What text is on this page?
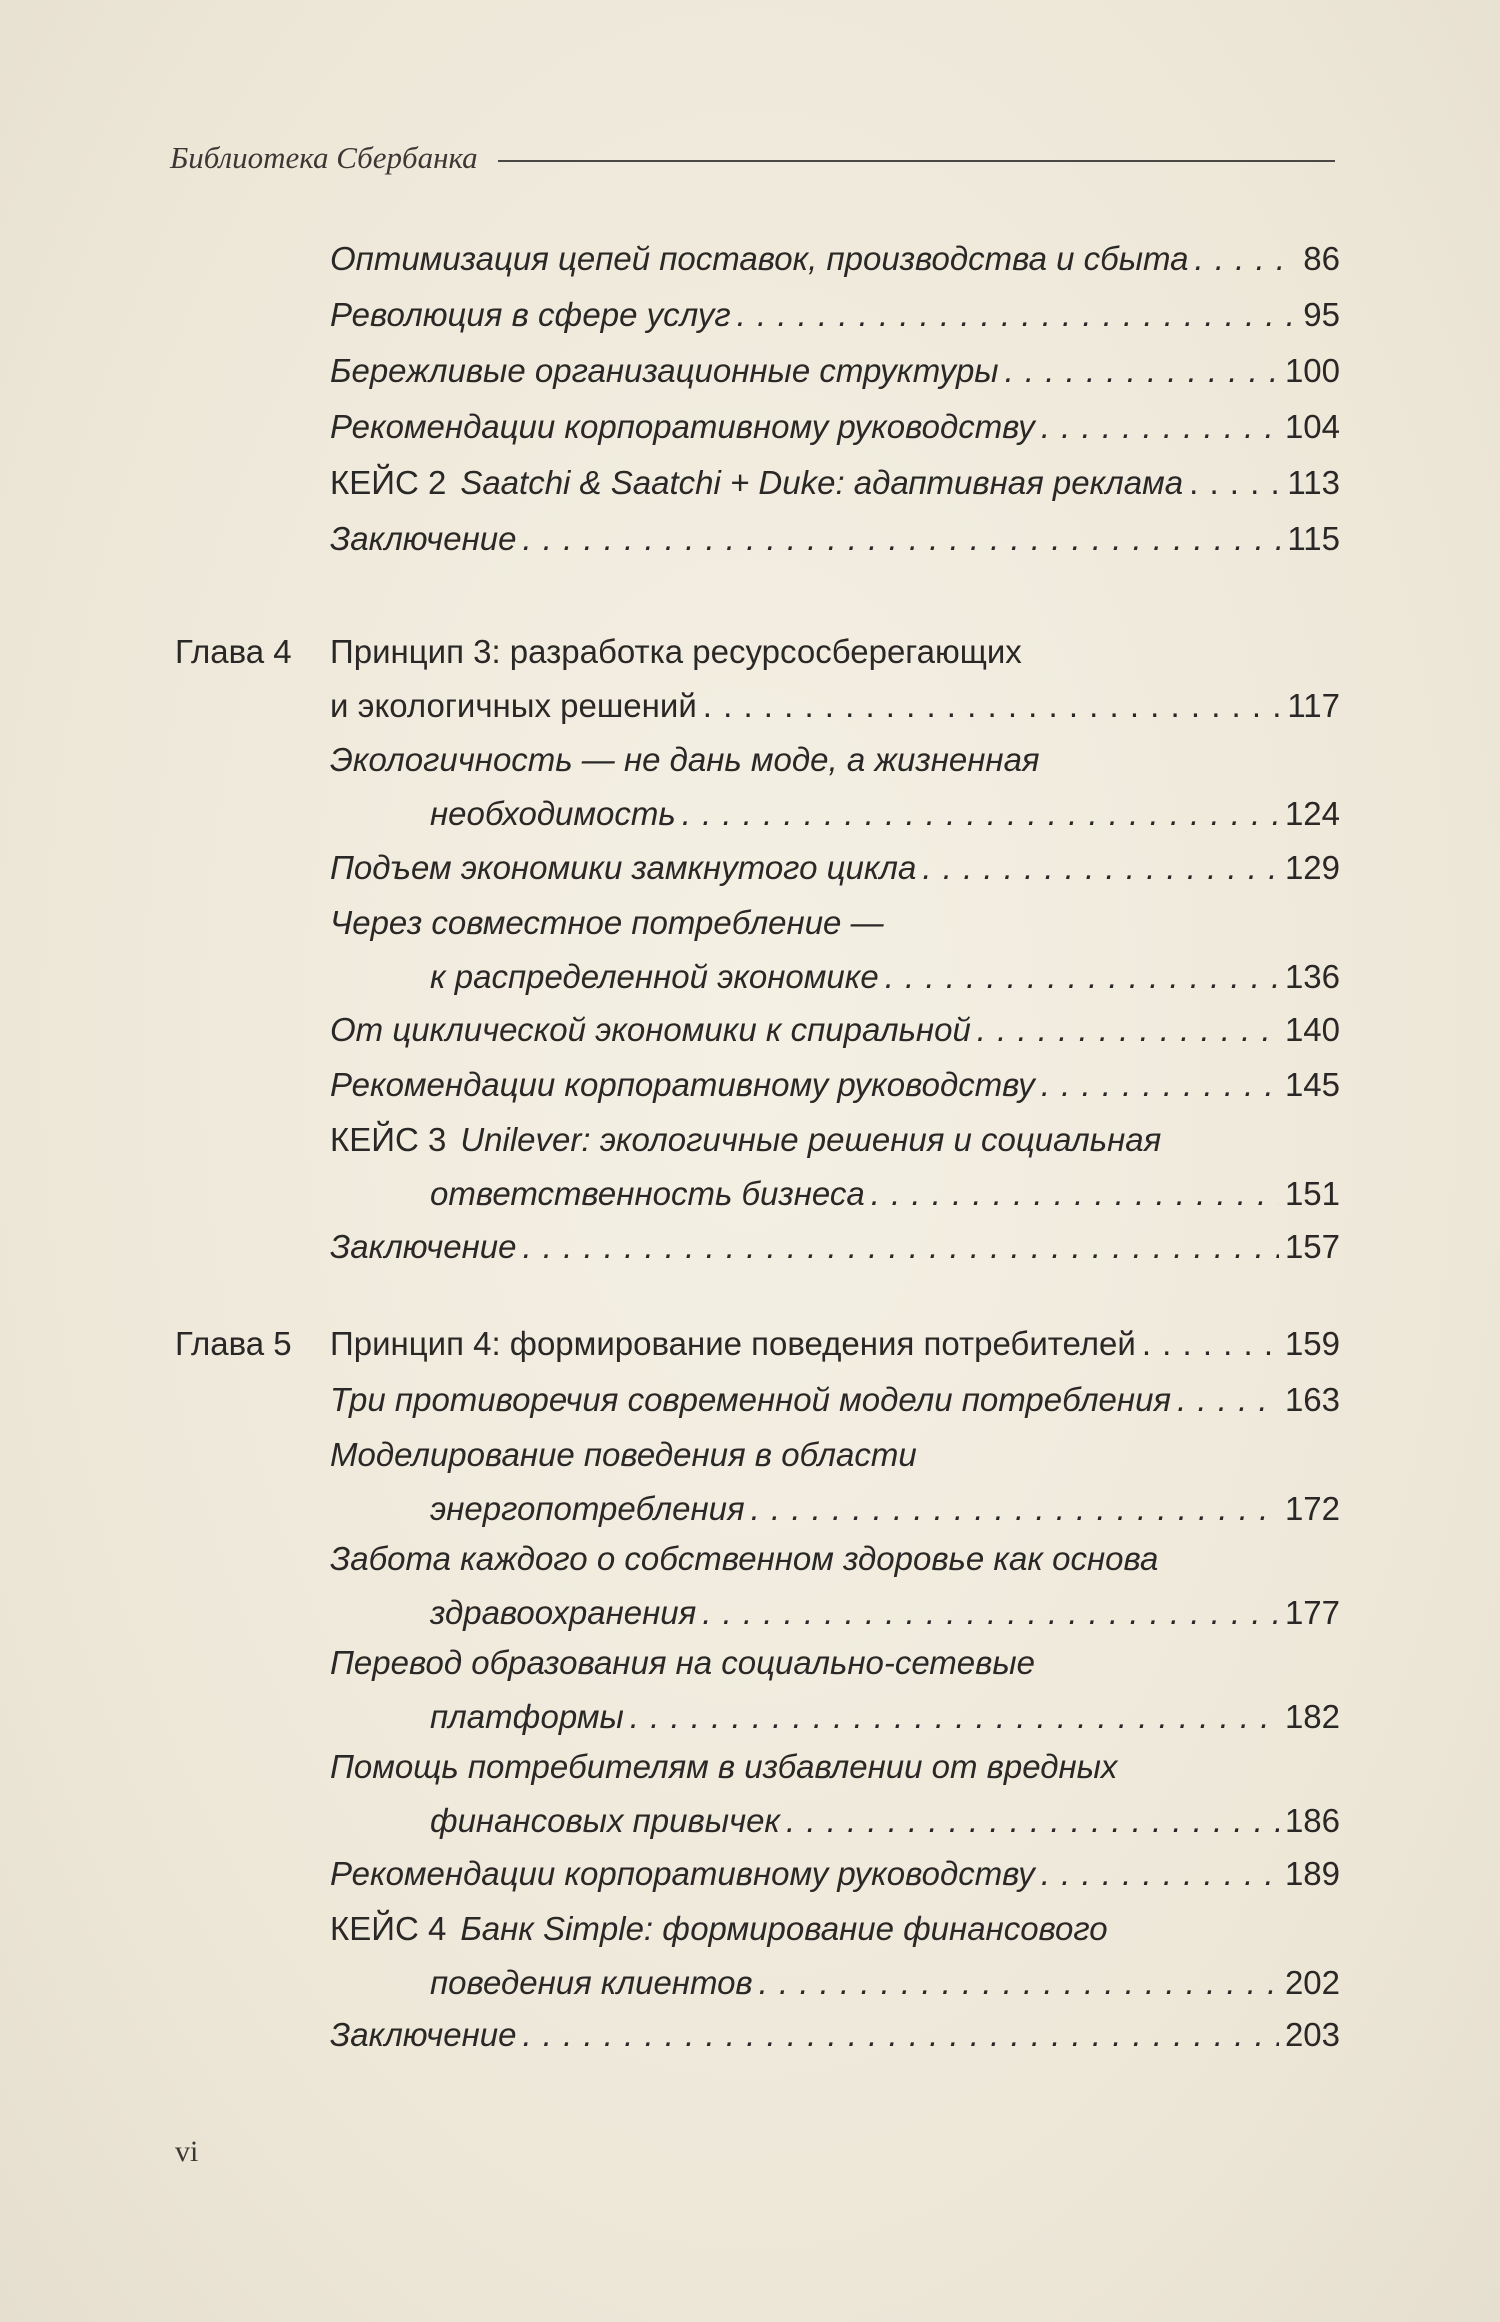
Библиотека Сбербанка
Оптимизация цепей поставок, производства и сбыта . . .	86
Революция в сфере услуг . . .	95
Бережливые организационные структуры . . .	100
Рекомендации корпоративному руководству . . .	104
КЕЙС 2 Saatchi & Saatchi + Duke: адаптивная реклама . . .	113
Заключение . . .	115
Глава 4 Принцип 3: разработка ресурсосберегающих
и экологичных решений . . .	117
Экологичность — не дань моде, а жизненная
необходимость . . .	124
Подъем экономики замкнутого цикла . . .	129
Через совместное потребление —
к распределенной экономике . . .	136
От циклической экономики к спиральной . . .	140
Рекомендации корпоративному руководству . . .	145
КЕЙС 3 Unilever: экологичные решения и социальная
ответственность бизнеса . . .	151
Заключение . . .	157
Глава 5 Принцип 4: формирование поведения потребителей . . .	159
Три противоречия современной модели потребления . . .	163
Моделирование поведения в области
энергопотребления . . .	172
Забота каждого о собственном здоровье как основа
здравоохранения . . .	177
Перевод образования на социально-сетевые
платформы . . .	182
Помощь потребителям в избавлении от вредных
финансовых привычек . . .	186
Рекомендации корпоративному руководству . . .	189
КЕЙС 4 Банк Simple: формирование финансового
поведения клиентов . . .	202
Заключение . . .	203
vi
